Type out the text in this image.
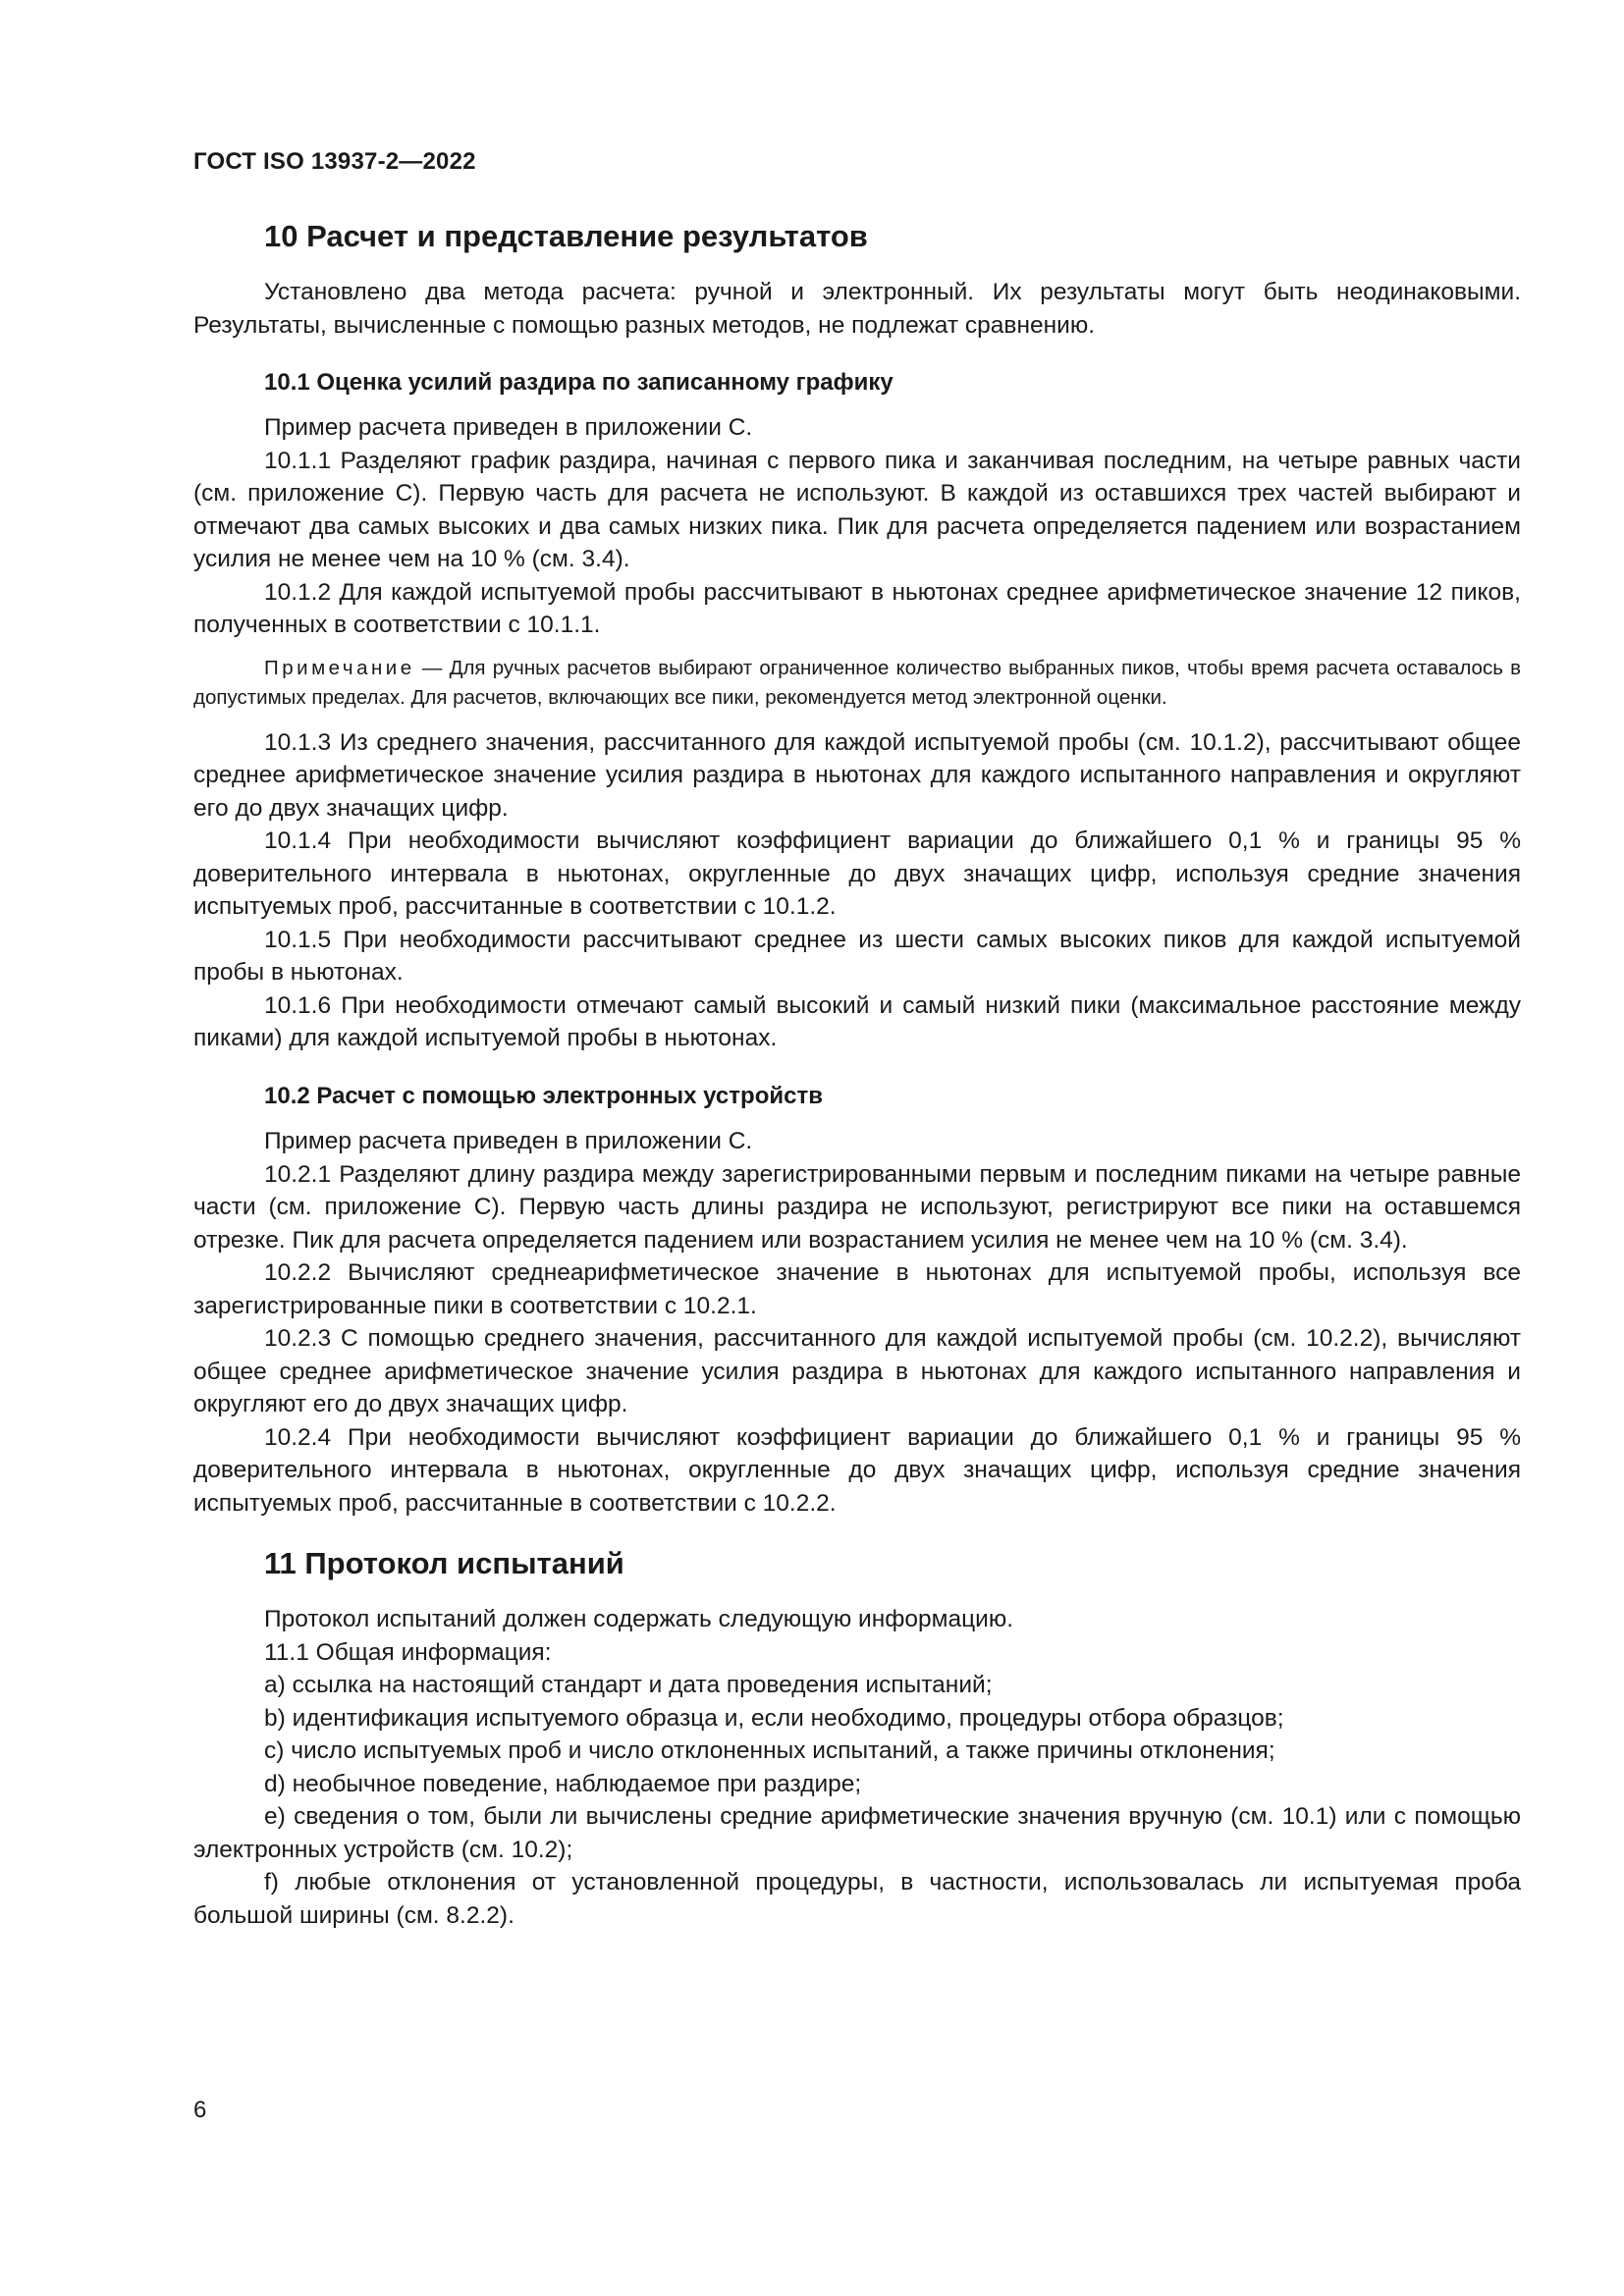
ГОСТ ISO 13937-2—2022
10 Расчет и представление результатов

Установлено два метода расчета: ручной и электронный. Их результаты могут быть неодинаковыми. Результаты, вычисленные с помощью разных методов, не подлежат сравнению.

10.1 Оценка усилий раздира по записанному графику

Пример расчета приведен в приложении С.

10.1.1 Разделяют график раздира, начиная с первого пика и заканчивая последним, на четыре равных части (см. приложение С). Первую часть для расчета не используют. В каждой из оставшихся трех частей выбирают и отмечают два самых высоких и два самых низких пика. Пик для расчета определяется падением или возрастанием усилия не менее чем на 10 % (см. 3.4).

10.1.2 Для каждой испытуемой пробы рассчитывают в ньютонах среднее арифметическое значение 12 пиков, полученных в соответствии с 10.1.1.

Примечание — Для ручных расчетов выбирают ограниченное количество выбранных пиков, чтобы время расчета оставалось в допустимых пределах. Для расчетов, включающих все пики, рекомендуется метод электронной оценки.

10.1.3 Из среднего значения, рассчитанного для каждой испытуемой пробы (см. 10.1.2), рассчитывают общее среднее арифметическое значение усилия раздира в ньютонах для каждого испытанного направления и округляют его до двух значащих цифр.

10.1.4 При необходимости вычисляют коэффициент вариации до ближайшего 0,1 % и границы 95 % доверительного интервала в ньютонах, округленные до двух значащих цифр, используя средние значения испытуемых проб, рассчитанные в соответствии с 10.1.2.

10.1.5 При необходимости рассчитывают среднее из шести самых высоких пиков для каждой испытуемой пробы в ньютонах.

10.1.6 При необходимости отмечают самый высокий и самый низкий пики (максимальное расстояние между пиками) для каждой испытуемой пробы в ньютонах.

10.2 Расчет с помощью электронных устройств

Пример расчета приведен в приложении С.

10.2.1 Разделяют длину раздира между зарегистрированными первым и последним пиками на четыре равные части (см. приложение С). Первую часть длины раздира не используют, регистрируют все пики на оставшемся отрезке. Пик для расчета определяется падением или возрастанием усилия не менее чем на 10 % (см. 3.4).

10.2.2 Вычисляют среднеарифметическое значение в ньютонах для испытуемой пробы, используя все зарегистрированные пики в соответствии с 10.2.1.

10.2.3 С помощью среднего значения, рассчитанного для каждой испытуемой пробы (см. 10.2.2), вычисляют общее среднее арифметическое значение усилия раздира в ньютонах для каждого испытанного направления и округляют его до двух значащих цифр.

10.2.4 При необходимости вычисляют коэффициент вариации до ближайшего 0,1 % и границы 95 % доверительного интервала в ньютонах, округленные до двух значащих цифр, используя средние значения испытуемых проб, рассчитанные в соответствии с 10.2.2.

11 Протокол испытаний

Протокол испытаний должен содержать следующую информацию.

11.1 Общая информация:

a) ссылка на настоящий стандарт и дата проведения испытаний;

b) идентификация испытуемого образца и, если необходимо, процедуры отбора образцов;

c) число испытуемых проб и число отклоненных испытаний, а также причины отклонения;

d) необычное поведение, наблюдаемое при раздире;

e) сведения о том, были ли вычислены средние арифметические значения вручную (см. 10.1) или с помощью электронных устройств (см. 10.2);

f) любые отклонения от установленной процедуры, в частности, использовалась ли испытуемая проба большой ширины (см. 8.2.2).

6
